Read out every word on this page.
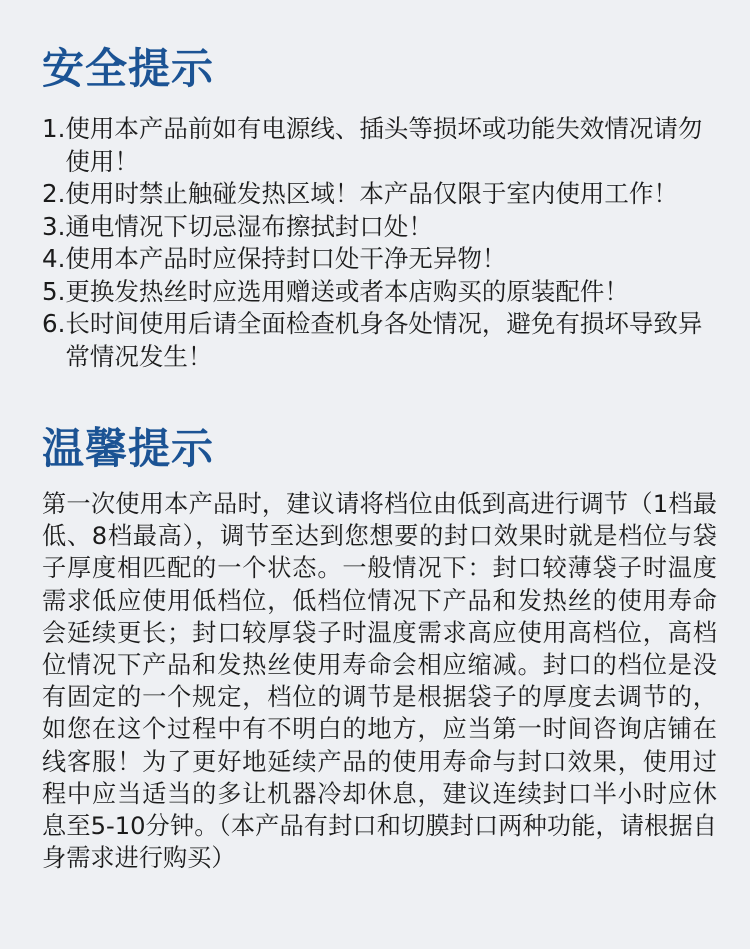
安全提示
1. 使用本产品前如有电源线、插头等损坏或功能失效情况请勿使用！
2. 使用时禁止触碰发热区域！本产品仅限于室内使用工作！
3. 通电情况下切忌湿布擦拭封口处！
4. 使用本产品时应保持封口处干净无异物！
5. 更换发热丝时应选用赠送或者本店购买的原装配件！
6. 长时间使用后请全面检查机身各处情况，避免有损坏导致异常情况发生！
温馨提示

第一次使用本产品时，建议请将档位由低到高进行调节（1档最低、8档最高），调节至达到您想要的封口效果时就是档位与袋子厚度相匹配的一个状态。一般情况下：封口较薄袋子时温度需求低应使用低档位，低档位情况下产品和发热丝的使用寿命会延续更长；封口较厚袋子时温度需求高应使用高档位，高档位情况下产品和发热丝使用寿命会相应缩减。封口的档位是没有固定的一个规定，档位的调节是根据袋子的厚度去调节的，如您在这个过程中有不明白的地方，应当第一时间咨询店铺在线客服！为了更好地延续产品的使用寿命与封口效果，使用过程中应当适当的多让机器冷却休息，建议连续封口半小时应休息至5-10分钟。（本产品有封口和切膜封口两种功能，请根据自身需求进行购买）
